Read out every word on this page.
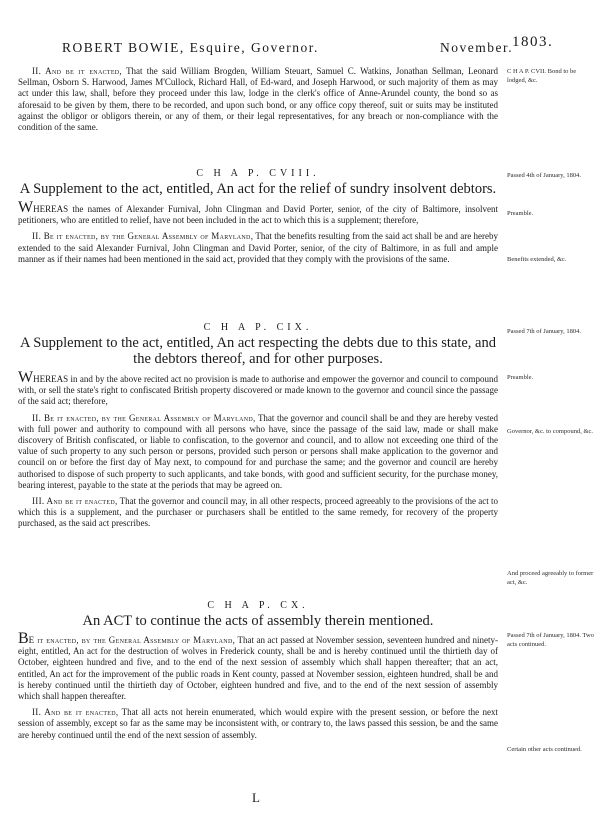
ROBERT BOWIE, Esquire, Governor.	November.
1803.
C H A P. CVII. Bond to be lodged, &c.
Passed 4th of January, 1804.
Preamble.
Benefits extended, &c.
Passed 7th of January, 1804.
Preamble.
Governor, &c. to compound, &c.
And proceed agreeably to former act, &c.
Passed 7th of January, 1804. Two acts continued.
Certain other acts continued.

II. And be it enacted, That the said William Brogden, William Steuart, Samuel C. Watkins, Jonathan Sellman, Leonard Sellman, Osborn S. Harwood, James M'Cullock, Richard Hall, of Ed-ward, and Joseph Harwood, or such majority of them as may act under this law, shall, before they proceed under this law, lodge in the clerk's office of Anne-Arundel county, the bond so as aforesaid to be given by them, there to be recorded, and upon such bond, or any office copy thereof, suit or suits may be instituted against the obligor or obligors therein, or any of them, or their legal representatives, for any breach or non-compliance with the condition of the same.

C H A P. CVIII.

A Supplement to the act, entitled, An act for the relief of sundry insolvent debtors.

WHEREAS the names of Alexander Furnival, John Clingman and David Porter, senior, of the city of Baltimore, insolvent petitioners, who are entitled to relief, have not been included in the act to which this is a supplement; therefore,

II. Be it enacted, by the General Assembly of Maryland, That the benefits resulting from the said act shall be and are hereby extended to the said Alexander Furnival, John Clingman and David Porter, senior, of the city of Baltimore, in as full and ample manner as if their names had been mentioned in the said act, provided that they comply with the provisions of the same.

C H A P. CIX.

A Supplement to the act, entitled, An act respecting the debts due to this state, and the debtors thereof, and for other purposes.

WHEREAS in and by the above recited act no provision is made to authorise and empower the governor and council to compound with, or sell the state's right to confiscated British property discovered or made known to the governor and council since the passage of the said act; therefore,

II. Be it enacted, by the General Assembly of Maryland, That the governor and council shall be and they are hereby vested with full power and authority to compound with all persons who have, since the passage of the said law, made or shall make discovery of British confiscated, or liable to confiscation, to the governor and council, and to allow not exceeding one third of the value of such property to any such person or persons, provided such person or persons shall make application to the governor and council on or before the first day of May next, to compound for and purchase the same; and the governor and council are hereby authorised to dispose of such property to such applicants, and take bonds, with good and sufficient security, for the purchase money, bearing interest, payable to the state at the periods that may be agreed on.

III. And be it enacted, That the governor and council may, in all other respects, proceed agreeably to the provisions of the act to which this is a supplement, and the purchaser or purchasers shall be entitled to the same remedy, for recovery of the property purchased, as the said act prescribes.

C H A P. CX.

An ACT to continue the acts of assembly therein mentioned.

BE it enacted, by the General Assembly of Maryland, That an act passed at November session, seventeen hundred and ninety-eight, entitled, An act for the destruction of wolves in Frederick county, shall be and is hereby continued until the thirtieth day of October, eighteen hundred and five, and to the end of the next session of assembly which shall happen thereafter; that an act, entitled, An act for the improvement of the public roads in Kent county, passed at November session, eighteen hundred, shall be and is hereby continued until the thirtieth day of October, eighteen hundred and five, and to the end of the next session of assembly which shall happen thereafter.

II. And be it enacted, That all acts not herein enumerated, which would expire with the present session, or before the next session of assembly, except so far as the same may be inconsistent with, or contrary to, the laws passed this session, be and the same are hereby continued until the end of the next session of assembly.

L
